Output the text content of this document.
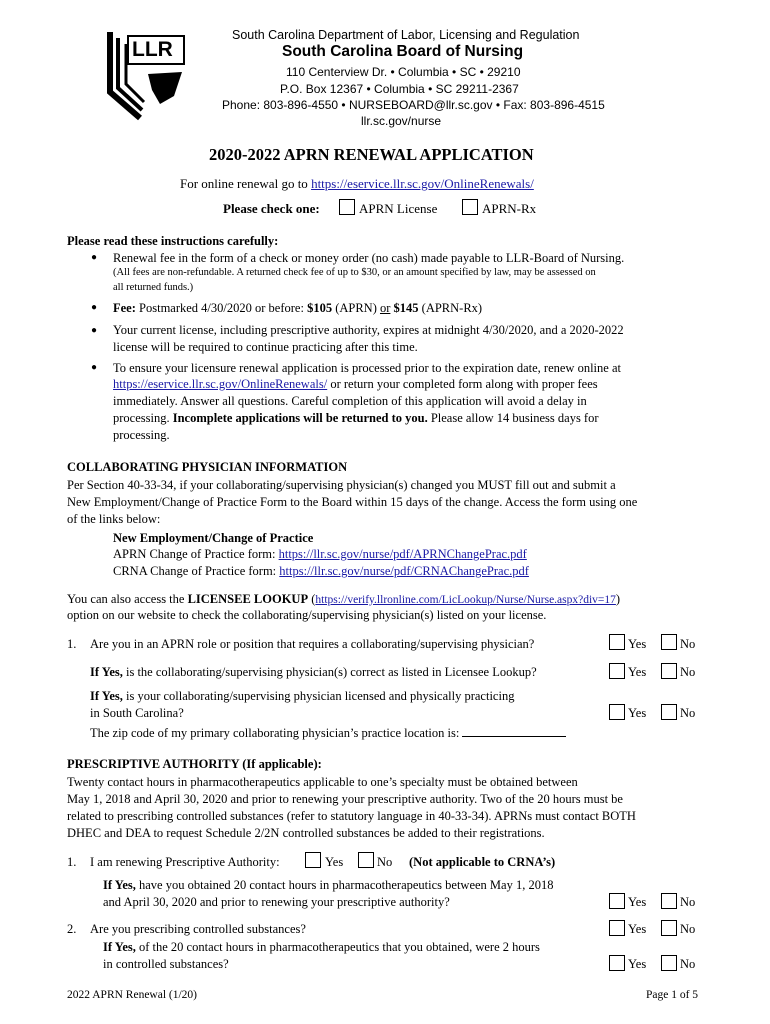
LLR
South Carolina Department of Labor, Licensing and Regulation
South Carolina Board of Nursing
110 Centerview Dr. • Columbia • SC • 29210
P.O. Box 12367 • Columbia • SC 29211-2367
Phone: 803-896-4550 • NURSEBOARD@llr.sc.gov • Fax: 803-896-4515
llr.sc.gov/nurse
2020-2022 APRN RENEWAL APPLICATION
For online renewal go to https://eservice.llr.sc.gov/OnlineRenewals/
Please check one:	APRN License	APRN-Rx
Please read these instructions carefully:
● Renewal fee in the form of a check or money order (no cash) made payable to LLR-Board of Nursing.
(All fees are non-refundable. A returned check fee of up to $30, or an amount specified by law, may be assessed on
all returned funds.)
● Fee: Postmarked 4/30/2020 or before: $105 (APRN) or $145 (APRN-Rx)
● Your current license, including prescriptive authority, expires at midnight 4/30/2020, and a 2020-2022
license will be required to continue practicing after this time.
● To ensure your licensure renewal application is processed prior to the expiration date, renew online at
https://eservice.llr.sc.gov/OnlineRenewals/ or return your completed form along with proper fees
immediately. Answer all questions. Careful completion of this application will avoid a delay in
processing. Incomplete applications will be returned to you. Please allow 14 business days for
processing.
COLLABORATING PHYSICIAN INFORMATION
Per Section 40-33-34, if your collaborating/supervising physician(s) changed you MUST fill out and submit a
New Employment/Change of Practice Form to the Board within 15 days of the change. Access the form using one
of the links below:
New Employment/Change of Practice
APRN Change of Practice form: https://llr.sc.gov/nurse/pdf/APRNChangePrac.pdf
CRNA Change of Practice form: https://llr.sc.gov/nurse/pdf/CRNAChangePrac.pdf
You can also access the LICENSEE LOOKUP (https://verify.llronline.com/LicLookup/Nurse/Nurse.aspx?div=17)
option on our website to check the collaborating/supervising physician(s) listed on your license.
1. Are you in an APRN role or position that requires a collaborating/supervising physician?	Yes	No
If Yes, is the collaborating/supervising physician(s) correct as listed in Licensee Lookup?	Yes	No
If Yes, is your collaborating/supervising physician licensed and physically practicing
in South Carolina?	Yes	No
The zip code of my primary collaborating physician’s practice location is:
PRESCRIPTIVE AUTHORITY (If applicable):
Twenty contact hours in pharmacotherapeutics applicable to one’s specialty must be obtained between
May 1, 2018 and April 30, 2020 and prior to renewing your prescriptive authority. Two of the 20 hours must be
related to prescribing controlled substances (refer to statutory language in 40-33-34). APRNs must contact BOTH
DHEC and DEA to request Schedule 2/2N controlled substances be added to their registrations.
1. I am renewing Prescriptive Authority:	Yes	No (Not applicable to CRNA’s)
If Yes, have you obtained 20 contact hours in pharmacotherapeutics between May 1, 2018
and April 30, 2020 and prior to renewing your prescriptive authority?	Yes	No
2. Are you prescribing controlled substances?	Yes	No
If Yes, of the 20 contact hours in pharmacotherapeutics that you obtained, were 2 hours
in controlled substances?	Yes	No
2022 APRN Renewal (1/20)	Page 1 of 5
